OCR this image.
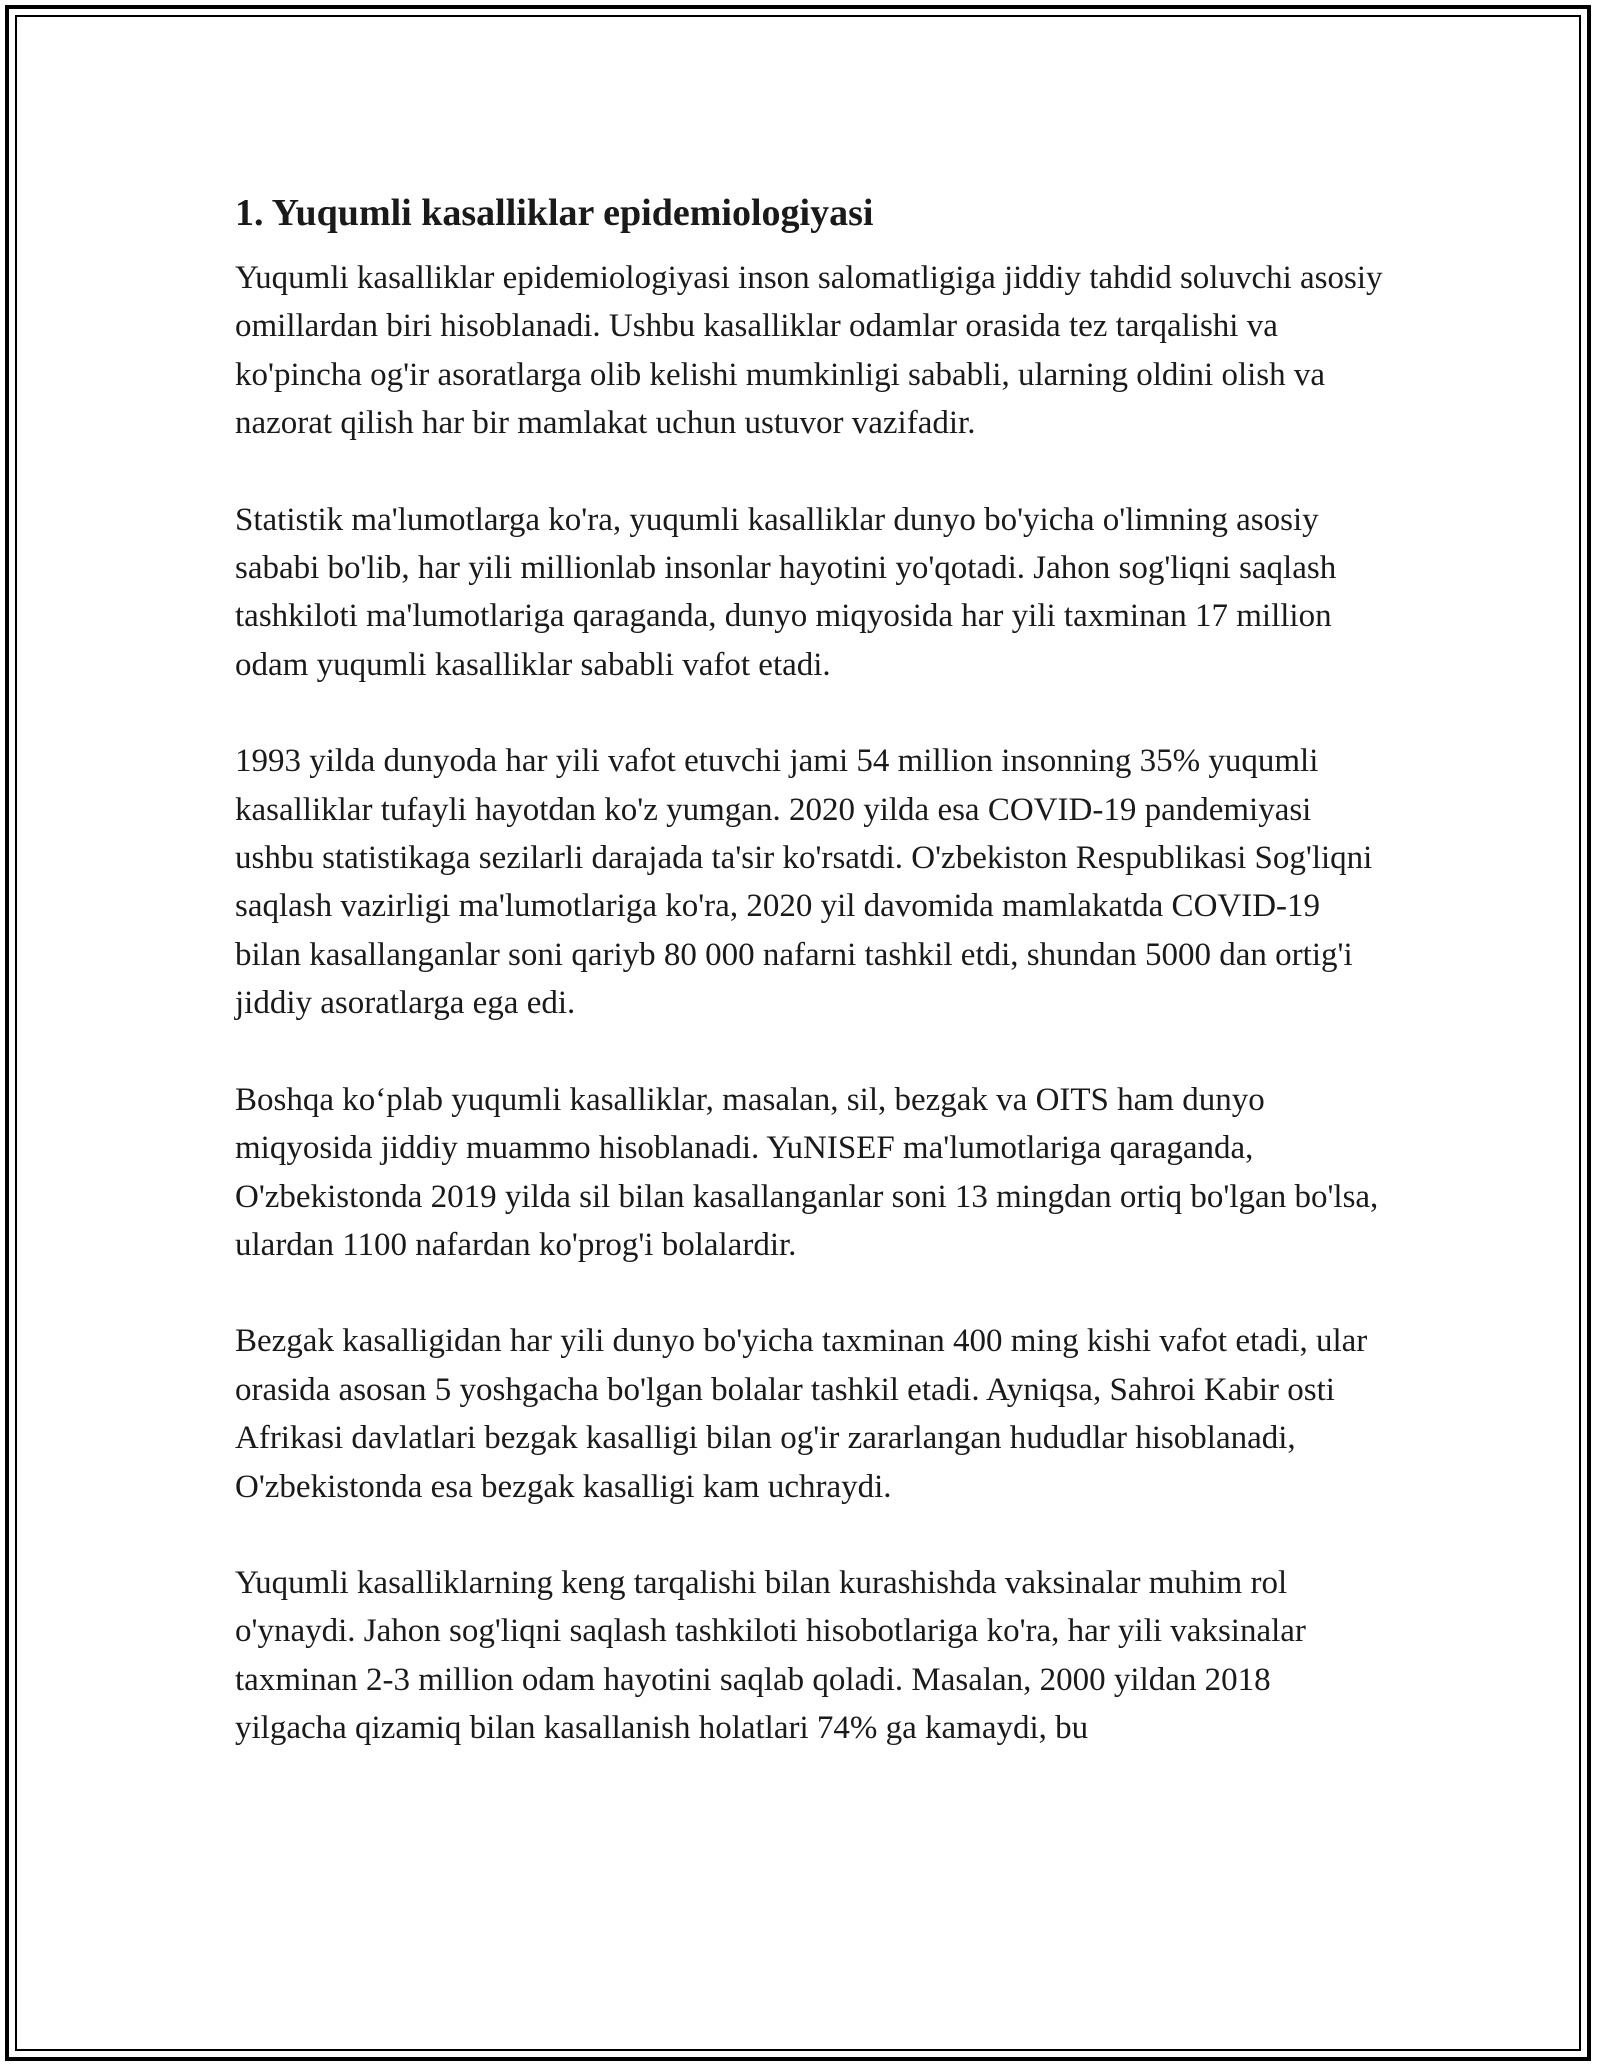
1. Yuqumli kasalliklar epidemiologiyasi

Yuqumli kasalliklar epidemiologiyasi inson salomatligiga jiddiy tahdid soluvchi asosiy omillardan biri hisoblanadi. Ushbu kasalliklar odamlar orasida tez tarqalishi va ko'pincha og'ir asoratlarga olib kelishi mumkinligi sababli, ularning oldini olish va nazorat qilish har bir mamlakat uchun ustuvor vazifadir.

Statistik ma'lumotlarga ko'ra, yuqumli kasalliklar dunyo bo'yicha o'limning asosiy sababi bo'lib, har yili millionlab insonlar hayotini yo'qotadi. Jahon sog'liqni saqlash tashkiloti ma'lumotlariga qaraganda, dunyo miqyosida har yili taxminan 17 million odam yuqumli kasalliklar sababli vafot etadi.

1993 yilda dunyoda har yili vafot etuvchi jami 54 million insonning 35% yuqumli kasalliklar tufayli hayotdan ko'z yumgan. 2020 yilda esa COVID-19 pandemiyasi ushbu statistikaga sezilarli darajada ta'sir ko'rsatdi. O'zbekiston Respublikasi Sog'liqni saqlash vazirligi ma'lumotlariga ko'ra, 2020 yil davomida mamlakatda COVID-19 bilan kasallanganlar soni qariyb 80 000 nafarni tashkil etdi, shundan 5000 dan ortig'i jiddiy asoratlarga ega edi.

Boshqa ko‘plab yuqumli kasalliklar, masalan, sil, bezgak va OITS ham dunyo miqyosida jiddiy muammo hisoblanadi. YuNISEF ma'lumotlariga qaraganda, O'zbekistonda 2019 yilda sil bilan kasallanganlar soni 13 mingdan ortiq bo'lgan bo'lsa, ulardan 1100 nafardan ko'prog'i bolalardir.

Bezgak kasalligidan har yili dunyo bo'yicha taxminan 400 ming kishi vafot etadi, ular orasida asosan 5 yoshgacha bo'lgan bolalar tashkil etadi. Ayniqsa, Sahroi Kabir osti Afrikasi davlatlari bezgak kasalligi bilan og'ir zararlangan hududlar hisoblanadi, O'zbekistonda esa bezgak kasalligi kam uchraydi.

Yuqumli kasalliklarning keng tarqalishi bilan kurashishda vaksinalar muhim rol o'ynaydi. Jahon sog'liqni saqlash tashkiloti hisobotlariga ko'ra, har yili vaksinalar taxminan 2-3 million odam hayotini saqlab qoladi. Masalan, 2000 yildan 2018 yilgacha qizamiq bilan kasallanish holatlari 74% ga kamaydi, bu
